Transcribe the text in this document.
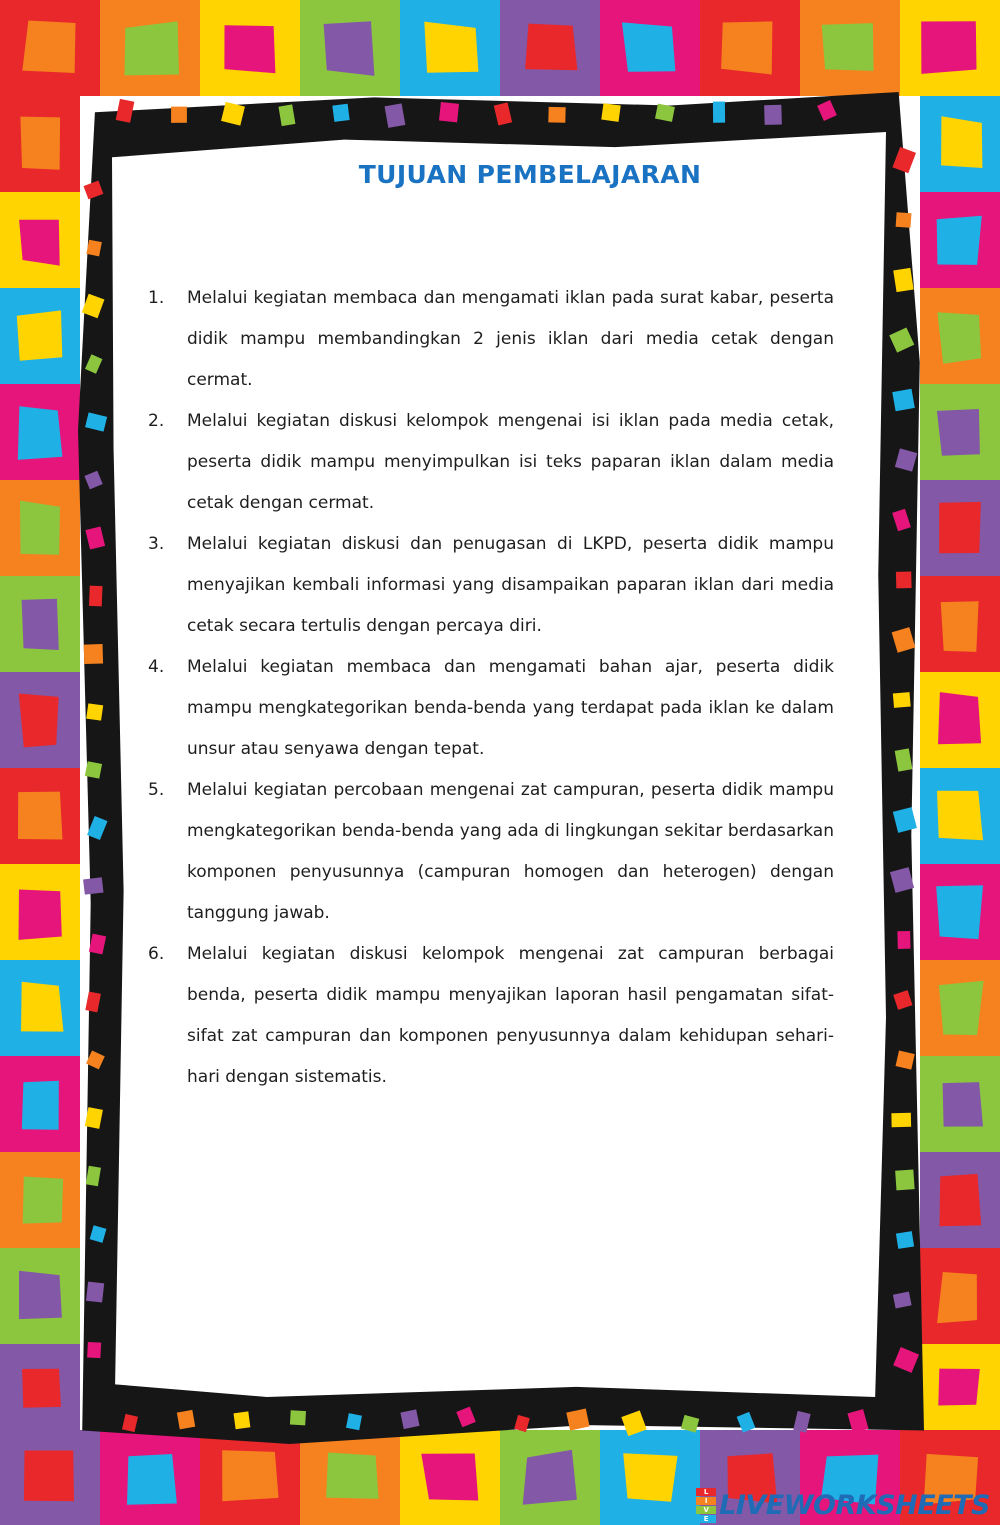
TUJUAN PEMBELAJARAN
1.	Melalui kegiatan membaca dan mengamati iklan pada surat kabar, peserta didik mampu membandingkan 2 jenis iklan dari media cetak dengan cermat.
2.	Melalui kegiatan diskusi kelompok mengenai isi iklan pada media cetak, peserta didik mampu menyimpulkan isi teks paparan iklan dalam media cetak dengan cermat.
3.	Melalui kegiatan diskusi dan penugasan di LKPD, peserta didik mampu menyajikan kembali informasi yang disampaikan paparan iklan dari media cetak secara tertulis dengan percaya diri.
4.	Melalui kegiatan membaca dan mengamati bahan ajar, peserta didik mampu mengkategorikan benda-benda yang terdapat pada iklan ke dalam unsur atau senyawa dengan tepat.
5.	Melalui kegiatan percobaan mengenai zat campuran, peserta didik mampu mengkategorikan benda-benda yang ada di lingkungan sekitar berdasarkan komponen penyusunnya (campuran homogen dan heterogen) dengan tanggung jawab.
6.	Melalui kegiatan diskusi kelompok mengenai zat campuran berbagai benda, peserta didik mampu menyajikan laporan hasil pengamatan sifat-sifat zat campuran dan komponen penyusunnya dalam kehidupan sehari-hari dengan sistematis.
L
I
V
E LIVEWORKSHEETS
